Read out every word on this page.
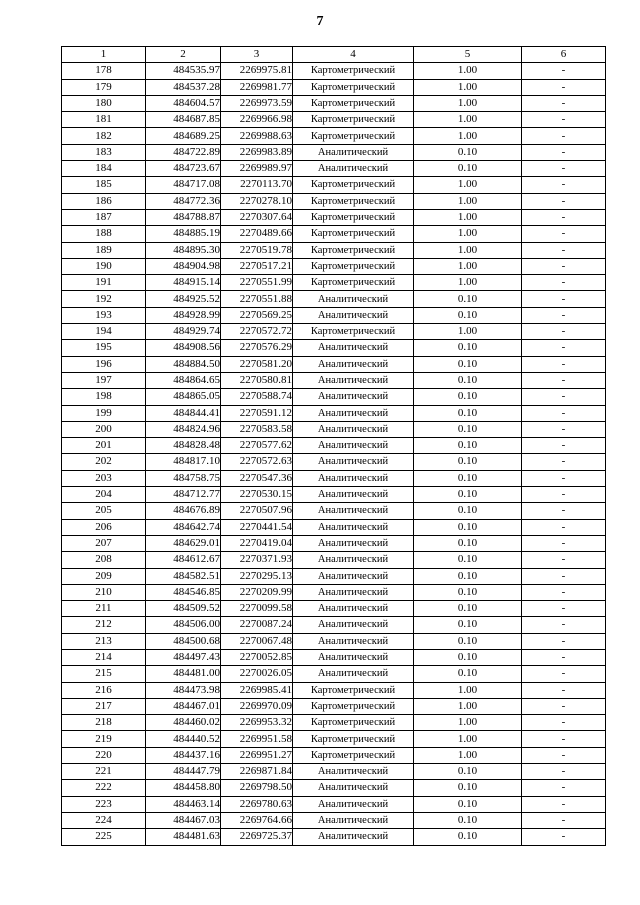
7
1	2	3	4	5	6
178	484535.97	2269975.81	Картометрический	1.00	-
179	484537.28	2269981.77	Картометрический	1.00	-
180	484604.57	2269973.59	Картометрический	1.00	-
181	484687.85	2269966.98	Картометрический	1.00	-
182	484689.25	2269988.63	Картометрический	1.00	-
183	484722.89	2269983.89	Аналитический	0.10	-
184	484723.67	2269989.97	Аналитический	0.10	-
185	484717.08	2270113.70	Картометрический	1.00	-
186	484772.36	2270278.10	Картометрический	1.00	-
187	484788.87	2270307.64	Картометрический	1.00	-
188	484885.19	2270489.66	Картометрический	1.00	-
189	484895.30	2270519.78	Картометрический	1.00	-
190	484904.98	2270517.21	Картометрический	1.00	-
191	484915.14	2270551.99	Картометрический	1.00	-
192	484925.52	2270551.88	Аналитический	0.10	-
193	484928.99	2270569.25	Аналитический	0.10	-
194	484929.74	2270572.72	Картометрический	1.00	-
195	484908.56	2270576.29	Аналитический	0.10	-
196	484884.50	2270581.20	Аналитический	0.10	-
197	484864.65	2270580.81	Аналитический	0.10	-
198	484865.05	2270588.74	Аналитический	0.10	-
199	484844.41	2270591.12	Аналитический	0.10	-
200	484824.96	2270583.58	Аналитический	0.10	-
201	484828.48	2270577.62	Аналитический	0.10	-
202	484817.10	2270572.63	Аналитический	0.10	-
203	484758.75	2270547.36	Аналитический	0.10	-
204	484712.77	2270530.15	Аналитический	0.10	-
205	484676.89	2270507.96	Аналитический	0.10	-
206	484642.74	2270441.54	Аналитический	0.10	-
207	484629.01	2270419.04	Аналитический	0.10	-
208	484612.67	2270371.93	Аналитический	0.10	-
209	484582.51	2270295.13	Аналитический	0.10	-
210	484546.85	2270209.99	Аналитический	0.10	-
211	484509.52	2270099.58	Аналитический	0.10	-
212	484506.00	2270087.24	Аналитический	0.10	-
213	484500.68	2270067.48	Аналитический	0.10	-
214	484497.43	2270052.85	Аналитический	0.10	-
215	484481.00	2270026.05	Аналитический	0.10	-
216	484473.98	2269985.41	Картометрический	1.00	-
217	484467.01	2269970.09	Картометрический	1.00	-
218	484460.02	2269953.32	Картометрический	1.00	-
219	484440.52	2269951.58	Картометрический	1.00	-
220	484437.16	2269951.27	Картометрический	1.00	-
221	484447.79	2269871.84	Аналитический	0.10	-
222	484458.80	2269798.50	Аналитический	0.10	-
223	484463.14	2269780.63	Аналитический	0.10	-
224	484467.03	2269764.66	Аналитический	0.10	-
225	484481.63	2269725.37	Аналитический	0.10	-
